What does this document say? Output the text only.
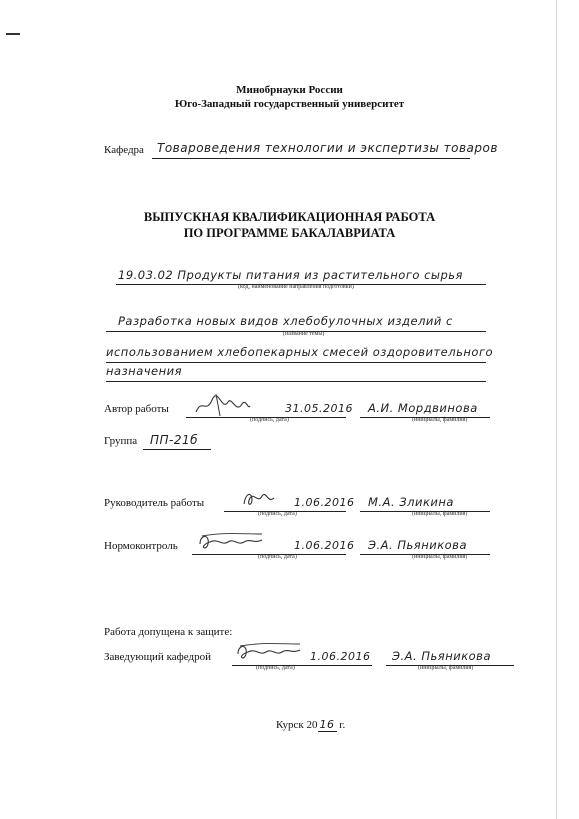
Минобрнауки России
Юго-Западный государственный университет
Кафедра Товароведения технологии и экспертизы товаров
ВЫПУСКНАЯ КВАЛИФИКАЦИОННАЯ РАБОТА
ПО ПРОГРАММЕ БАКАЛАВРИАТА
19.03.02 Продукты питания из растительного сырья
(код, наименование направления подготовки)
Разработка новых видов хлебобулочных изделий с
(название темы)
использованием хлебопекарных смесей оздоровительного
назначения
Автор работы	31.05.2016 А.И. Мордвинова
(подпись, дата)	(инициалы, фамилия)
Группа ПП-21б
Руководитель работы	1.06.2016 М.А. Зликина
(подпись, дата)	(инициалы, фамилия)
Нормоконтроль	1.06.2016 Э.А. Пьяникова
(подпись, дата)	(инициалы, фамилия)
Работа допущена к защите:
Заведующий кафедрой	1.06.2016 Э.А. Пьяникова
(подпись, дата)	(инициалы, фамилия)
Курск 20 16 г.
